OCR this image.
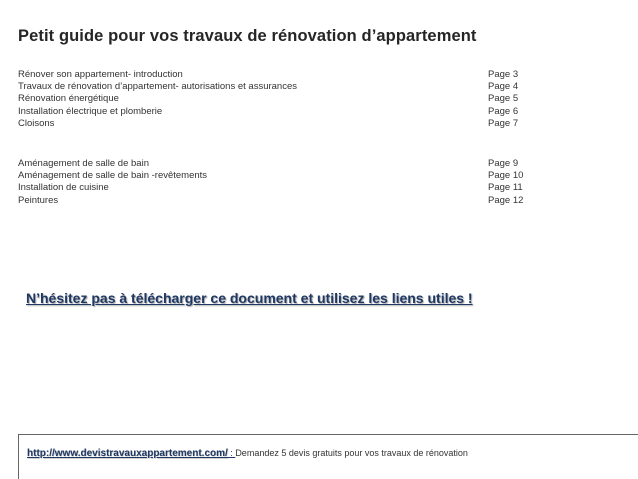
Petit guide pour vos travaux de rénovation d’appartement
Rénover son appartement- introduction	Page 3
Travaux de rénovation d’appartement- autorisations et assurances	Page 4
Rénovation énergétique	Page 5
Installation électrique et plomberie	Page 6
Cloisons	Page 7
Aménagement de salle de bain	Page 9
Aménagement de salle de bain -revêtements	Page 10
Installation de cuisine	Page 11
Peintures	Page 12
N’hésitez pas à télécharger ce document et utilisez les liens utiles !
http://www.devistravauxappartement.com/ : Demandez 5 devis gratuits pour vos travaux de rénovation
